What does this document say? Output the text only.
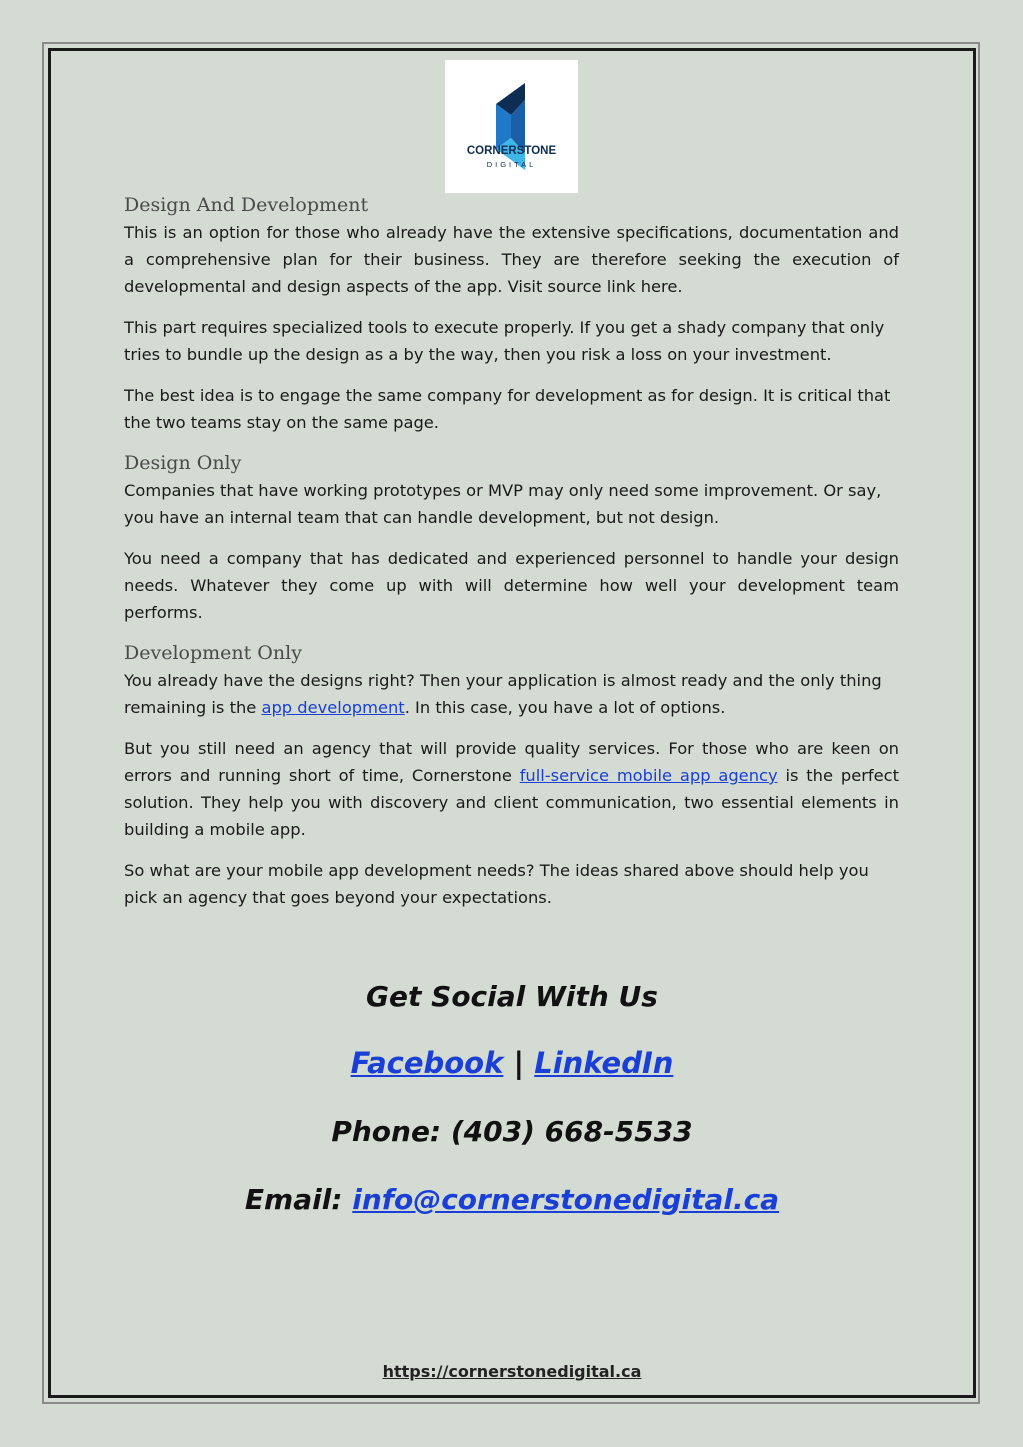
CORNERSTONE
DIGITAL
Design And Development

This is an option for those who already have the extensive specifications, documentation and a comprehensive plan for their business. They are therefore seeking the execution of developmental and design aspects of the app. Visit source link here.

This part requires specialized tools to execute properly. If you get a shady company that only tries to bundle up the design as a by the way, then you risk a loss on your investment.

The best idea is to engage the same company for development as for design. It is critical that the two teams stay on the same page.

Design Only

Companies that have working prototypes or MVP may only need some improvement. Or say, you have an internal team that can handle development, but not design.

You need a company that has dedicated and experienced personnel to handle your design needs. Whatever they come up with will determine how well your development team performs.

Development Only

You already have the designs right? Then your application is almost ready and the only thing remaining is the app development. In this case, you have a lot of options.

But you still need an agency that will provide quality services. For those who are keen on errors and running short of time, Cornerstone full-service mobile app agency is the perfect solution. They help you with discovery and client communication, two essential elements in building a mobile app.

So what are your mobile app development needs? The ideas shared above should help you pick an agency that goes beyond your expectations.

Get Social With Us
Facebook | LinkedIn
Phone: (403) 668-5533
Email: info@cornerstonedigital.ca
https://cornerstonedigital.ca
